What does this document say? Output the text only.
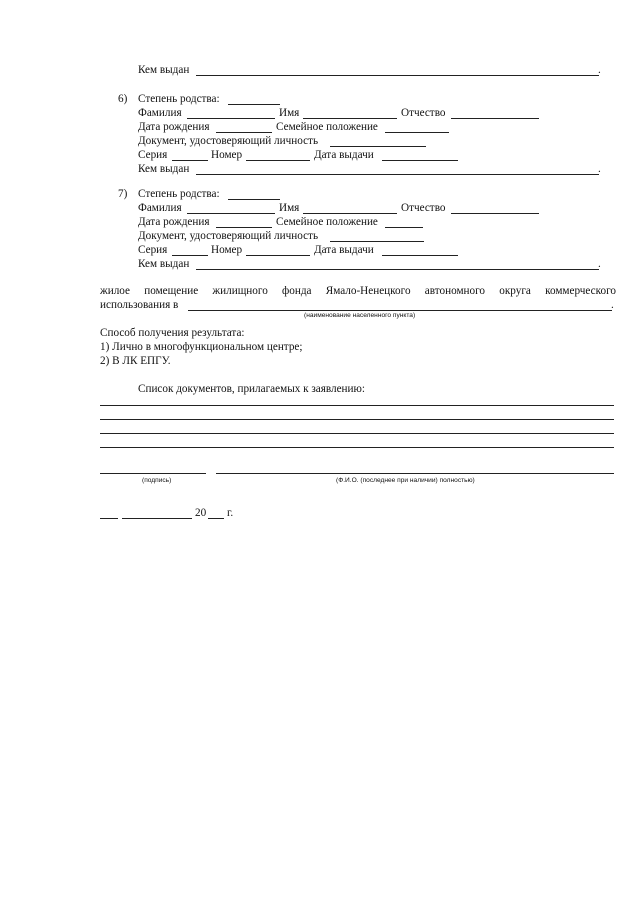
Кем выдан	.
6) Степень родства:
Фамилия	Имя	Отчество
Дата рождения	Семейное положение
Документ, удостоверяющий личность
Серия	Номер	Дата выдачи
Кем выдан	.
7) Степень родства:
Фамилия	Имя	Отчество
Дата рождения	Семейное положение
Документ, удостоверяющий личность
Серия	Номер	Дата выдачи
Кем выдан	.
жилое помещение жилищного фонда Ямало-Ненецкого автономного округа коммерческого
использования в	.
(наименование населенного пункта)
Способ получения результата:
1) Лично в многофункциональном центре;
2) В ЛК ЕПГУ.
Список документов, прилагаемых к заявлению:
(подпись)	(Ф.И.О. (последнее при наличии) полностью)
20 г.
